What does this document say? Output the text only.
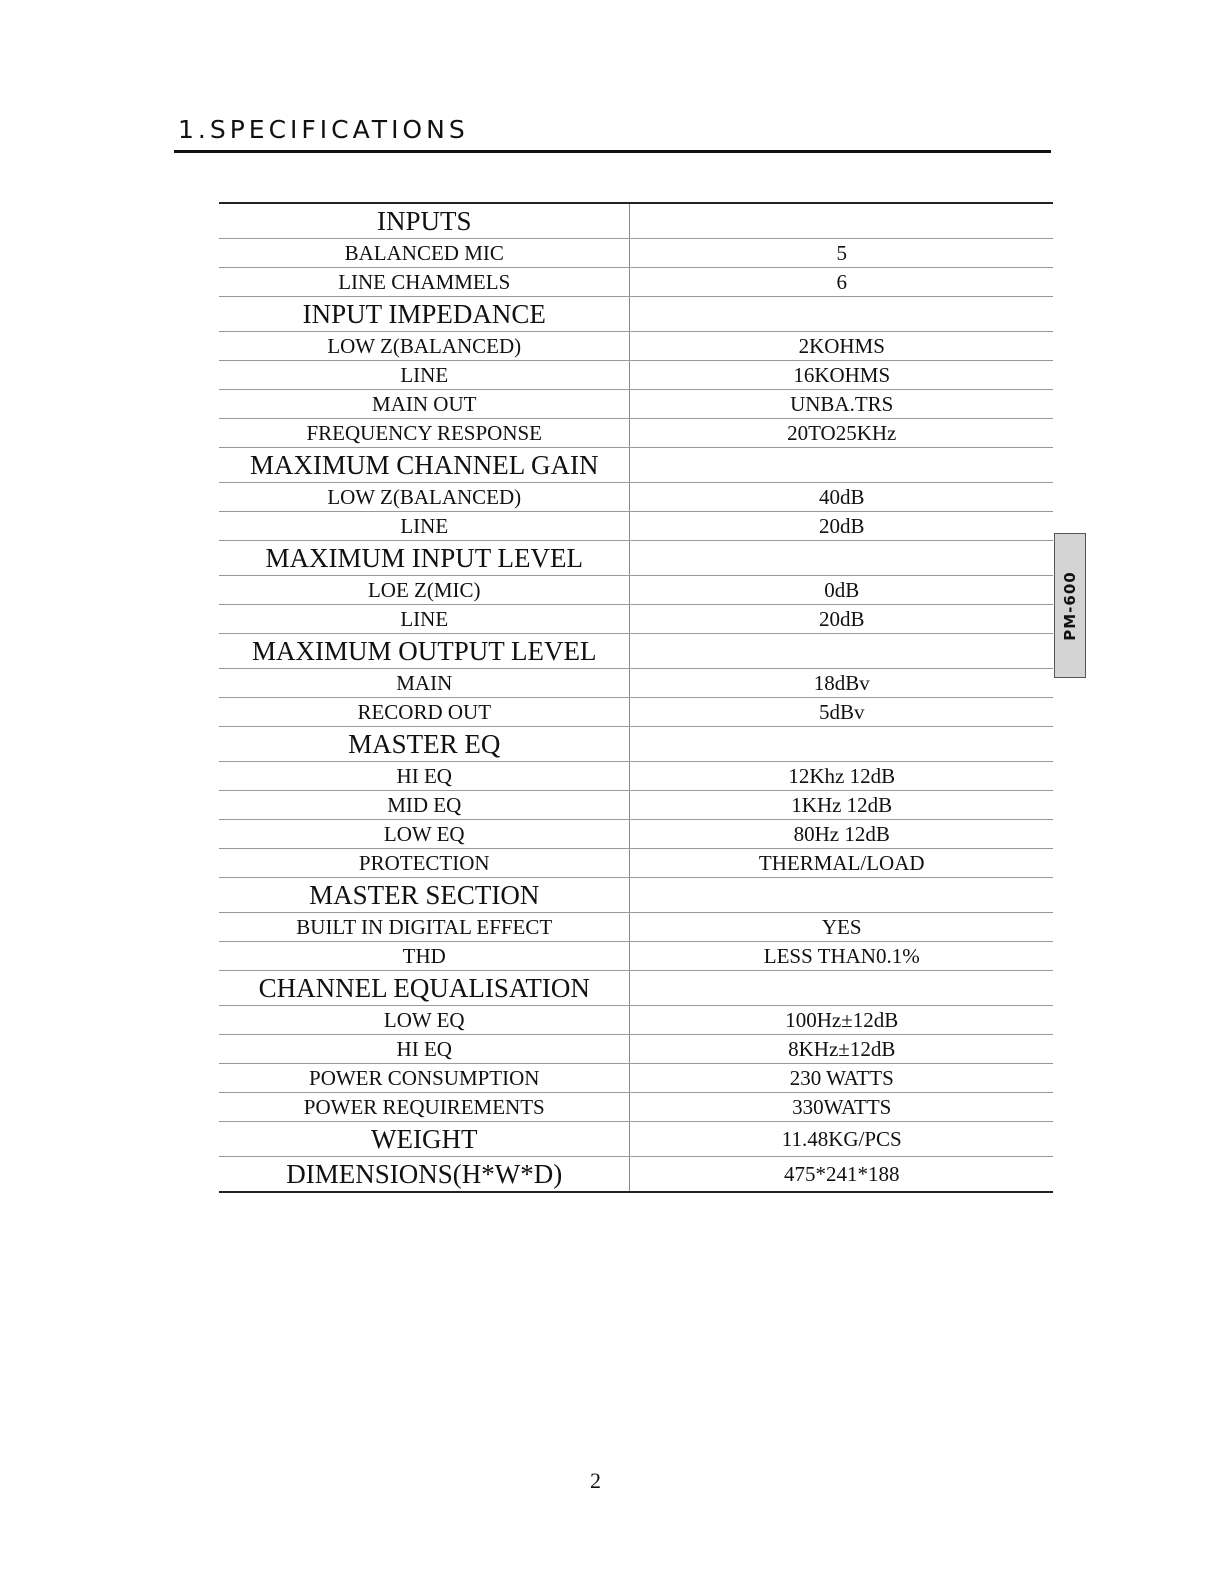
1.SPECIFICATIONS
INPUTS	
BALANCED MIC	5
LINE CHAMMELS	6
INPUT IMPEDANCE	
LOW Z(BALANCED)	2KOHMS
LINE	16KOHMS
MAIN OUT	UNBA.TRS
FREQUENCY RESPONSE	20TO25KHz
MAXIMUM CHANNEL GAIN	
LOW Z(BALANCED)	40dB
LINE	20dB
MAXIMUM INPUT LEVEL	
LOE Z(MIC)	0dB
LINE	20dB
MAXIMUM OUTPUT LEVEL	
MAIN	18dBv
RECORD OUT	5dBv
MASTER EQ	
HI EQ	12Khz 12dB
MID EQ	1KHz 12dB
LOW EQ	80Hz 12dB
PROTECTION	THERMAL/LOAD
MASTER SECTION	
BUILT IN DIGITAL EFFECT	YES
THD	LESS THAN0.1%
CHANNEL EQUALISATION	
LOW EQ	100Hz±12dB
HI EQ	8KHz±12dB
POWER CONSUMPTION	230 WATTS
POWER REQUIREMENTS	330WATTS
WEIGHT	11.48KG/PCS
DIMENSIONS(H*W*D)	475*241*188
PM-600
2
